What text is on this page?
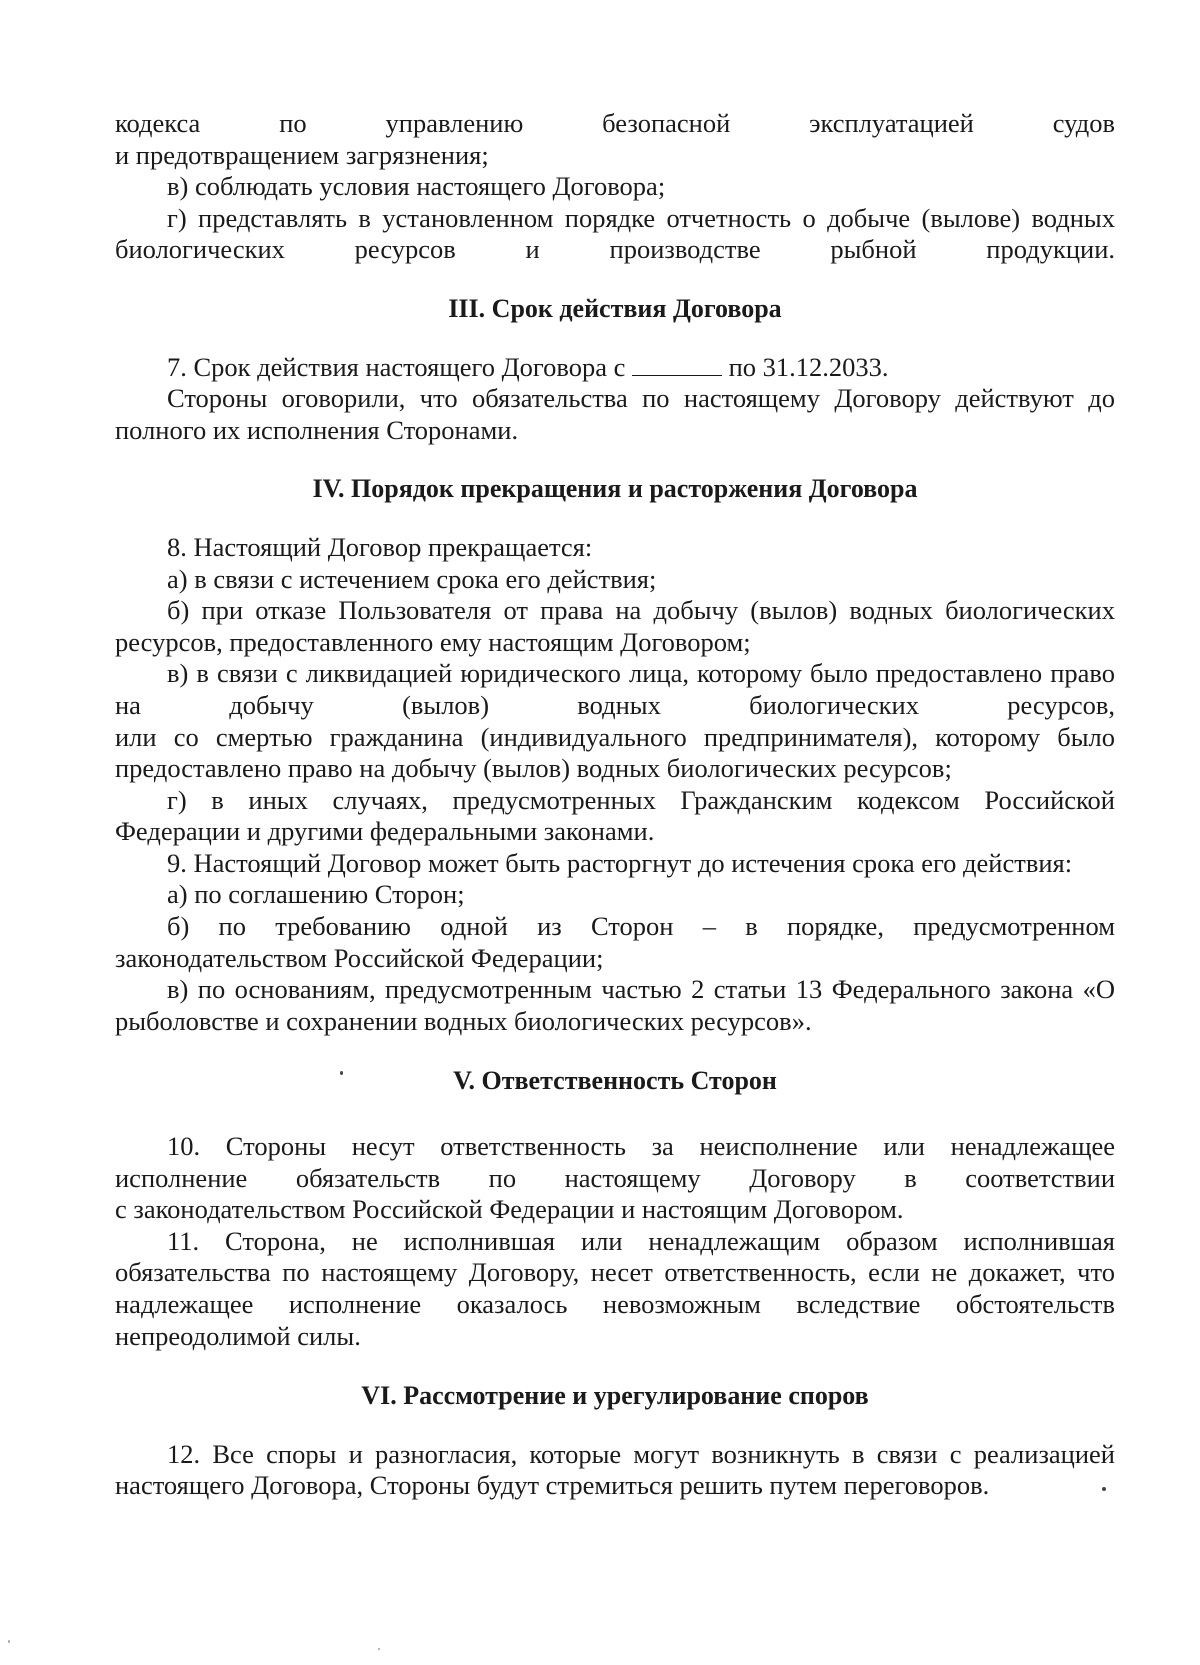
кодекса по управлению безопасной эксплуатацией судов

и предотвращением загрязнения;

в) соблюдать условия настоящего Договора;

г) представлять в установленном порядке отчетность о добыче (вылове) водных биологических ресурсов и производстве рыбной продукции.

III. Срок действия Договора

7. Срок действия настоящего Договора с	по 31.12.2033.

Стороны оговорили, что обязательства по настоящему Договору действуют до полного их исполнения Сторонами.

IV. Порядок прекращения и расторжения Договора

8. Настоящий Договор прекращается:

а) в связи с истечением срока его действия;

б) при отказе Пользователя от права на добычу (вылов) водных биологических ресурсов, предоставленного ему настоящим Договором;

в) в связи с ликвидацией юридического лица, которому было предоставлено право на добычу (вылов) водных биологических ресурсов,

или со смертью гражданина (индивидуального предпринимателя), которому было предоставлено право на добычу (вылов) водных биологических ресурсов;

г) в иных случаях, предусмотренных Гражданским кодексом Российской Федерации и другими федеральными законами.

9. Настоящий Договор может быть расторгнут до истечения срока его действия:

а) по соглашению Сторон;

б) по требованию одной из Сторон – в порядке, предусмотренном законодательством Российской Федерации;

в) по основаниям, предусмотренным частью 2 статьи 13 Федерального закона «О рыболовстве и сохранении водных биологических ресурсов».

V. Ответственность Сторон

10. Стороны несут ответственность за неисполнение или ненадлежащее исполнение обязательств по настоящему Договору в соответствии

с законодательством Российской Федерации и настоящим Договором.

11. Сторона, не исполнившая или ненадлежащим образом исполнившая обязательства по настоящему Договору, несет ответственность, если не докажет, что надлежащее исполнение оказалось невозможным вследствие обстоятельств непреодолимой силы.

VI. Рассмотрение и урегулирование споров

12. Все споры и разногласия, которые могут возникнуть в связи с реализацией настоящего Договора, Стороны будут стремиться решить путем переговоров.
